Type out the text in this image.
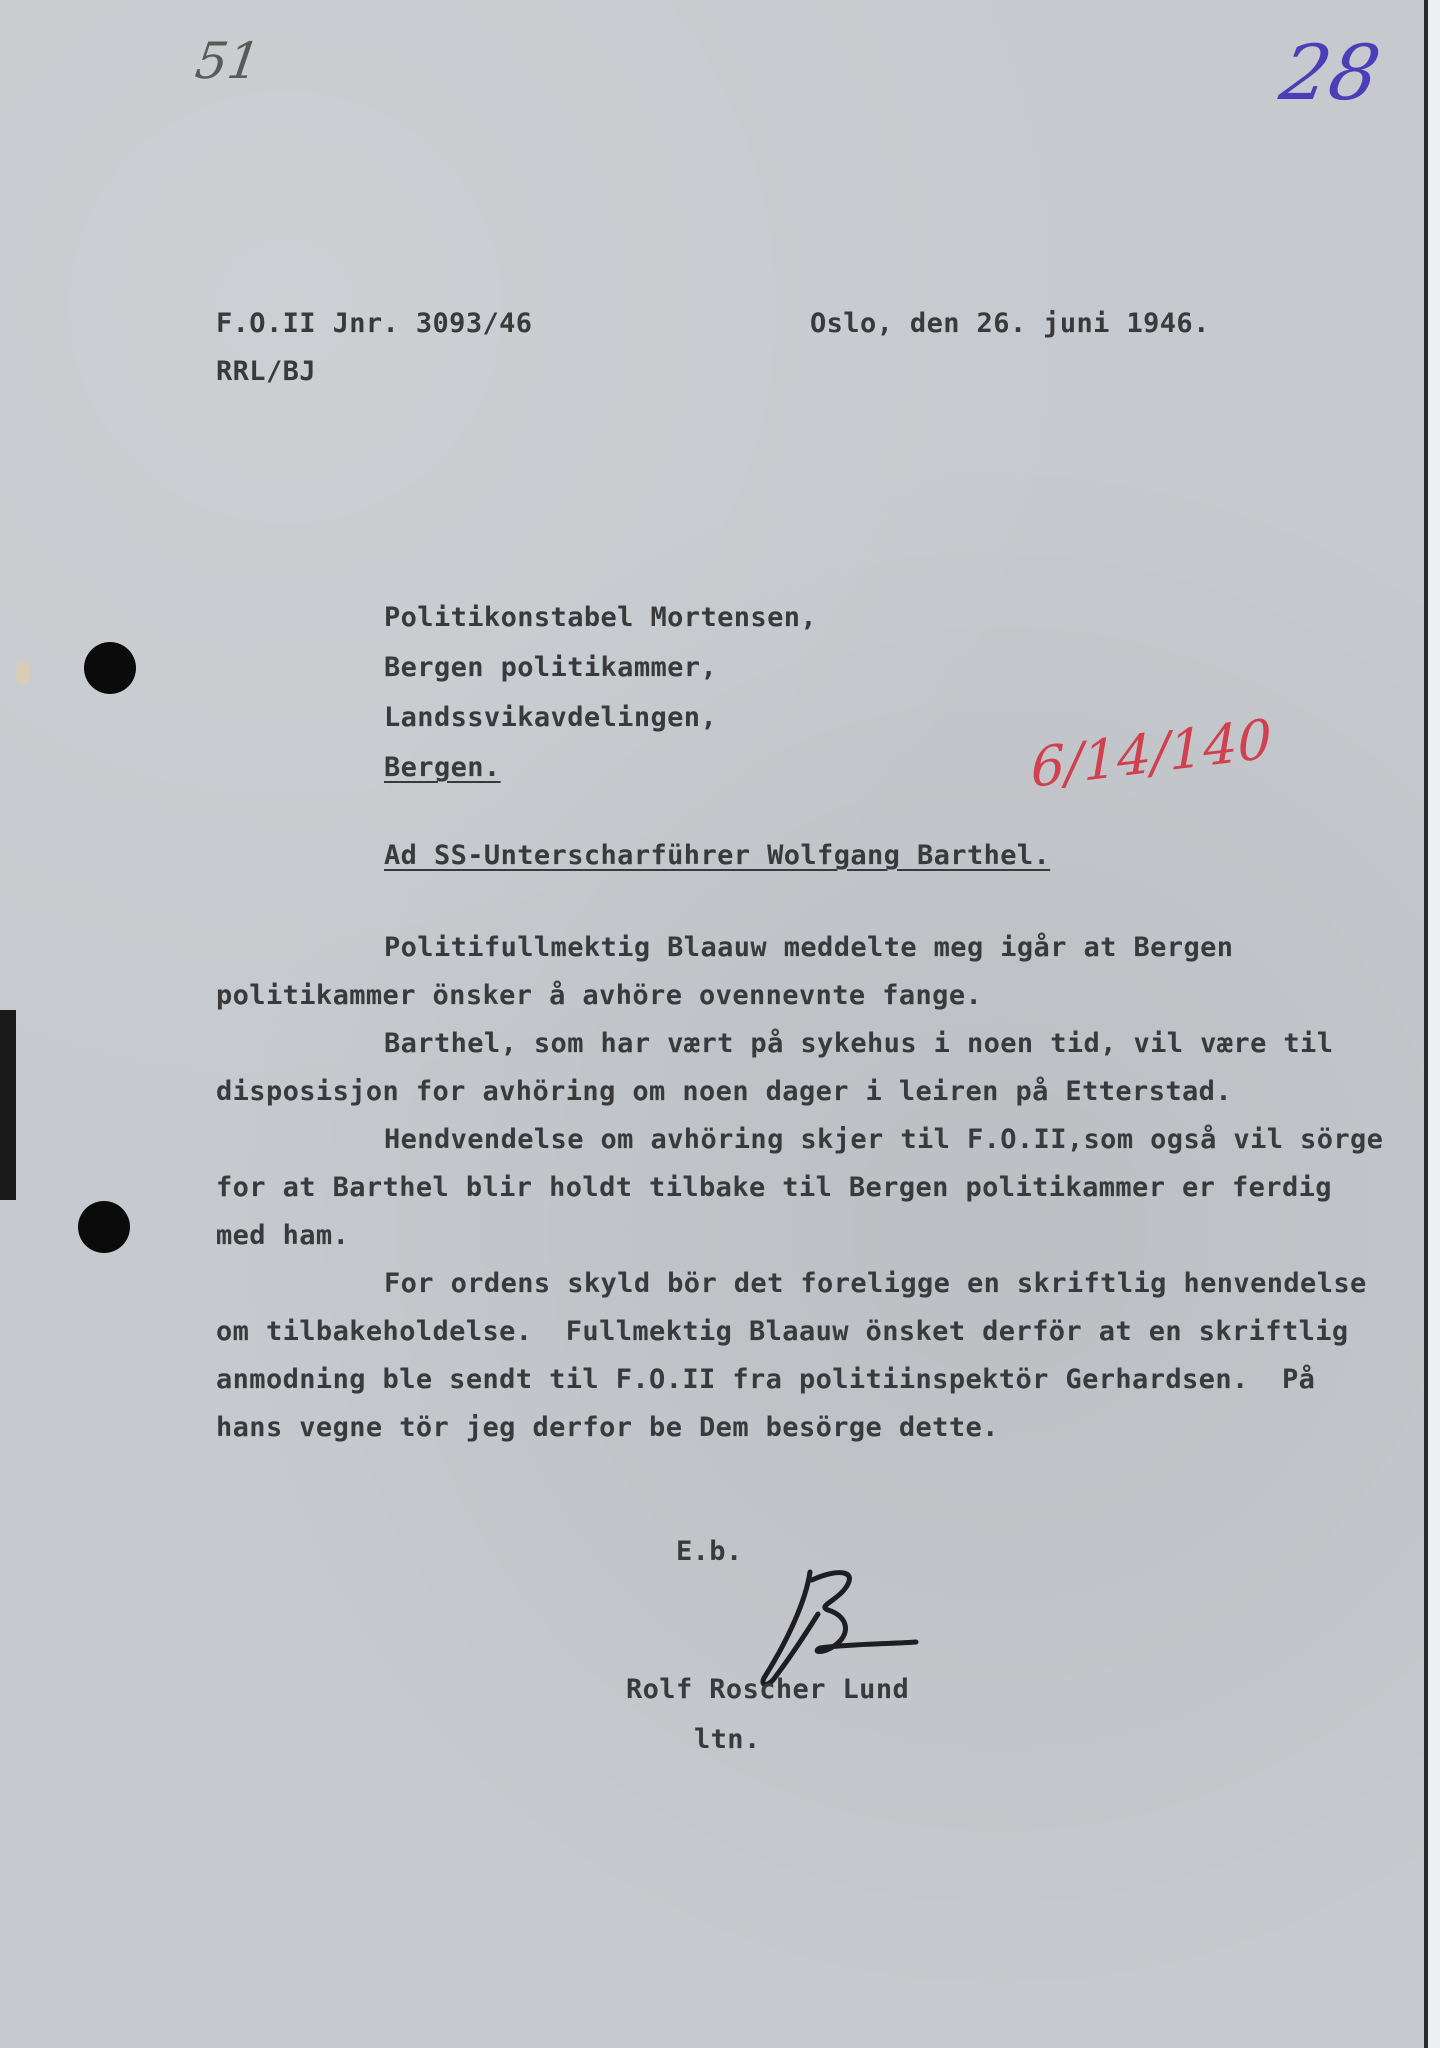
51	28
6/14/140
F.O.II Jnr. 3093/46
RRL/BJ
Oslo, den 26. juni 1946.
Politikonstabel Mortensen,
Bergen politikammer,
Landssvikavdelingen,
Bergen.
Ad SS-Unterscharführer Wolfgang Barthel.
Politifullmektig Blaauw meddelte meg igår at Bergen
politikammer önsker å avhöre ovennevnte fange.
Barthel, som har vært på sykehus i noen tid, vil være til
disposisjon for avhöring om noen dager i leiren på Etterstad.
Hendvendelse om avhöring skjer til F.O.II,som også vil sörge
for at Barthel blir holdt tilbake til Bergen politikammer er ferdig
med ham.
For ordens skyld bör det foreligge en skriftlig henvendelse
om tilbakeholdelse.  Fullmektig Blaauw önsket derför at en skriftlig
anmodning ble sendt til F.O.II fra politiinspektör Gerhardsen.  På
hans vegne tör jeg derfor be Dem besörge dette.
E.b.
Rolf Roscher Lund
ltn.
